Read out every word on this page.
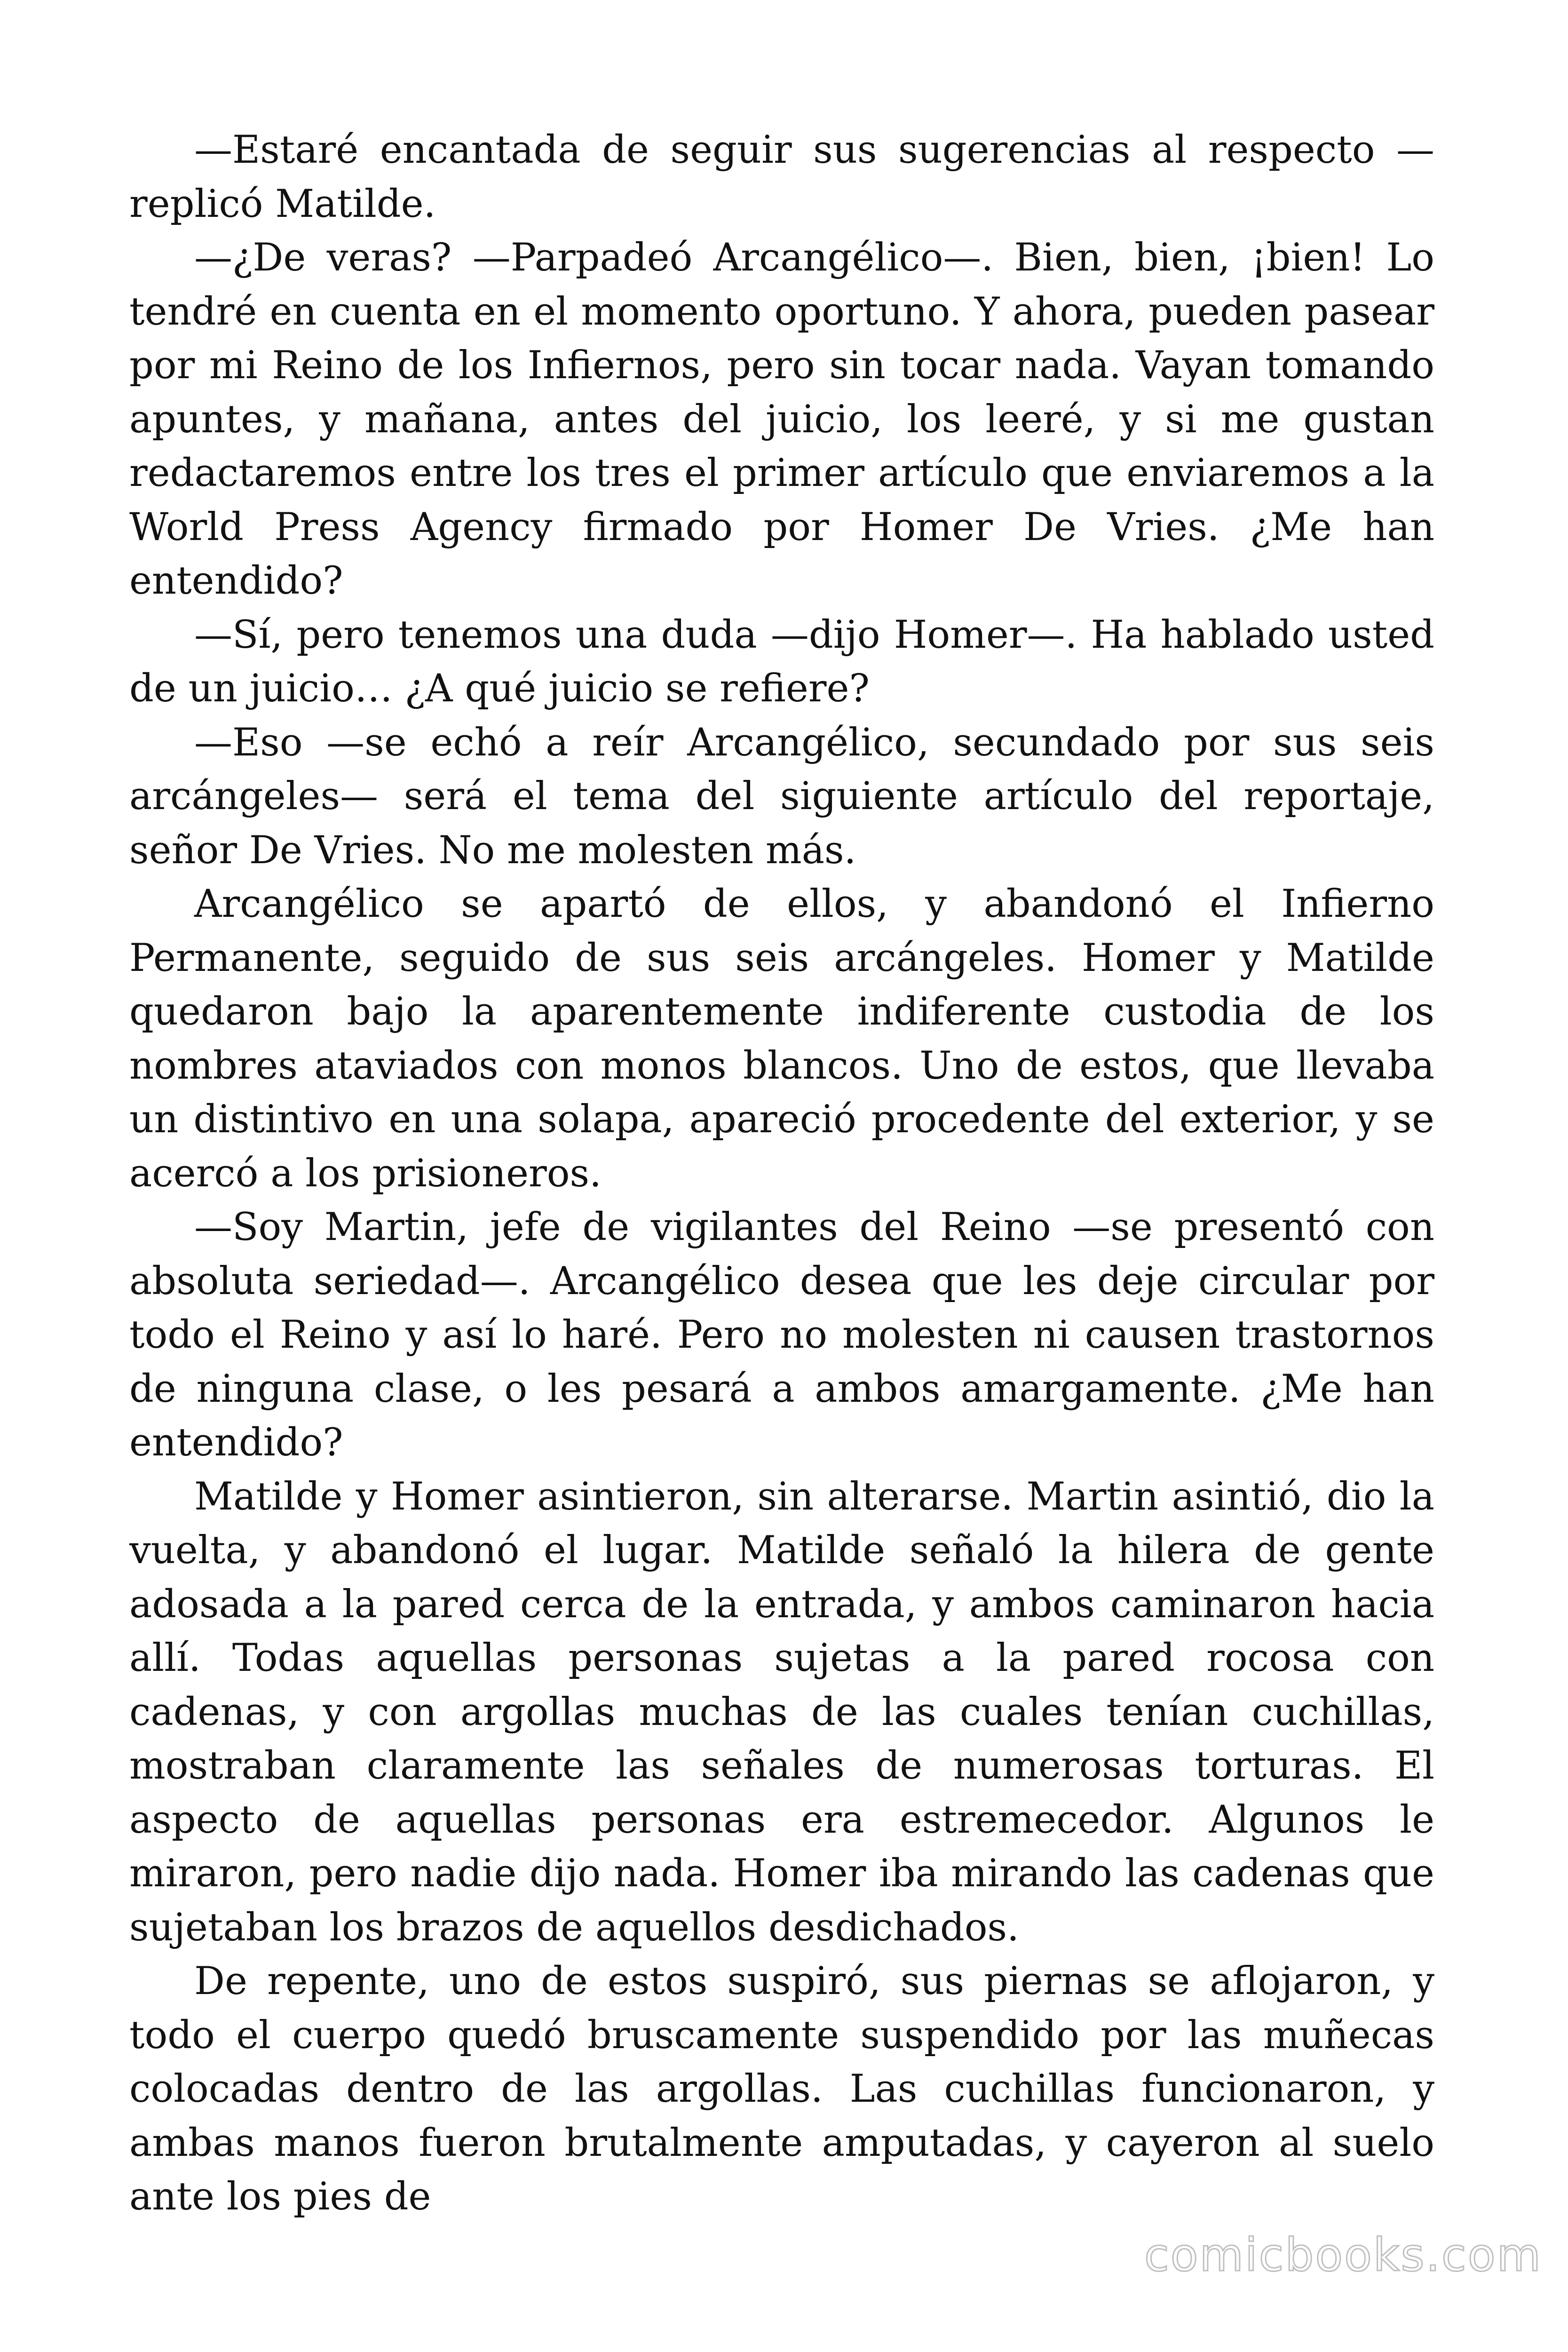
—Estaré encantada de seguir sus sugerencias al respecto —replicó Matilde.

—¿De veras? —Parpadeó Arcangélico—. Bien, bien, ¡bien! Lo tendré en cuenta en el momento oportuno. Y ahora, pueden pasear por mi Reino de los Infiernos, pero sin tocar nada. Vayan tomando apuntes, y mañana, antes del juicio, los leeré, y si me gustan redactaremos entre los tres el primer artículo que enviaremos a la World Press Agency firmado por Homer De Vries. ¿Me han entendido?

—Sí, pero tenemos una duda —dijo Homer—. Ha hablado usted de un juicio… ¿A qué juicio se refiere?

—Eso —se echó a reír Arcangélico, secundado por sus seis arcángeles— será el tema del siguiente artículo del reportaje, señor De Vries. No me molesten más.

Arcangélico se apartó de ellos, y abandonó el Infierno Permanente, seguido de sus seis arcángeles. Homer y Matilde quedaron bajo la aparentemente indiferente custodia de los nombres ataviados con monos blancos. Uno de estos, que llevaba un distintivo en una solapa, apareció procedente del exterior, y se acercó a los prisioneros.

—Soy Martin, jefe de vigilantes del Reino —se presentó con absoluta seriedad—. Arcangélico desea que les deje circular por todo el Reino y así lo haré. Pero no molesten ni causen trastornos de ninguna clase, o les pesará a ambos amargamente. ¿Me han entendido?

Matilde y Homer asintieron, sin alterarse. Martin asintió, dio la vuelta, y abandonó el lugar. Matilde señaló la hilera de gente adosada a la pared cerca de la entrada, y ambos caminaron hacia allí. Todas aquellas personas sujetas a la pared rocosa con cadenas, y con argollas muchas de las cuales tenían cuchillas, mostraban claramente las señales de numerosas torturas. El aspecto de aquellas personas era estremecedor. Algunos le miraron, pero nadie dijo nada. Homer iba mirando las cadenas que sujetaban los brazos de aquellos desdichados.

De repente, uno de estos suspiró, sus piernas se aflojaron, y todo el cuerpo quedó bruscamente suspendido por las muñecas colocadas dentro de las argollas. Las cuchillas funcionaron, y ambas manos fueron brutalmente amputadas, y cayeron al suelo ante los pies de

comicbooks.com
